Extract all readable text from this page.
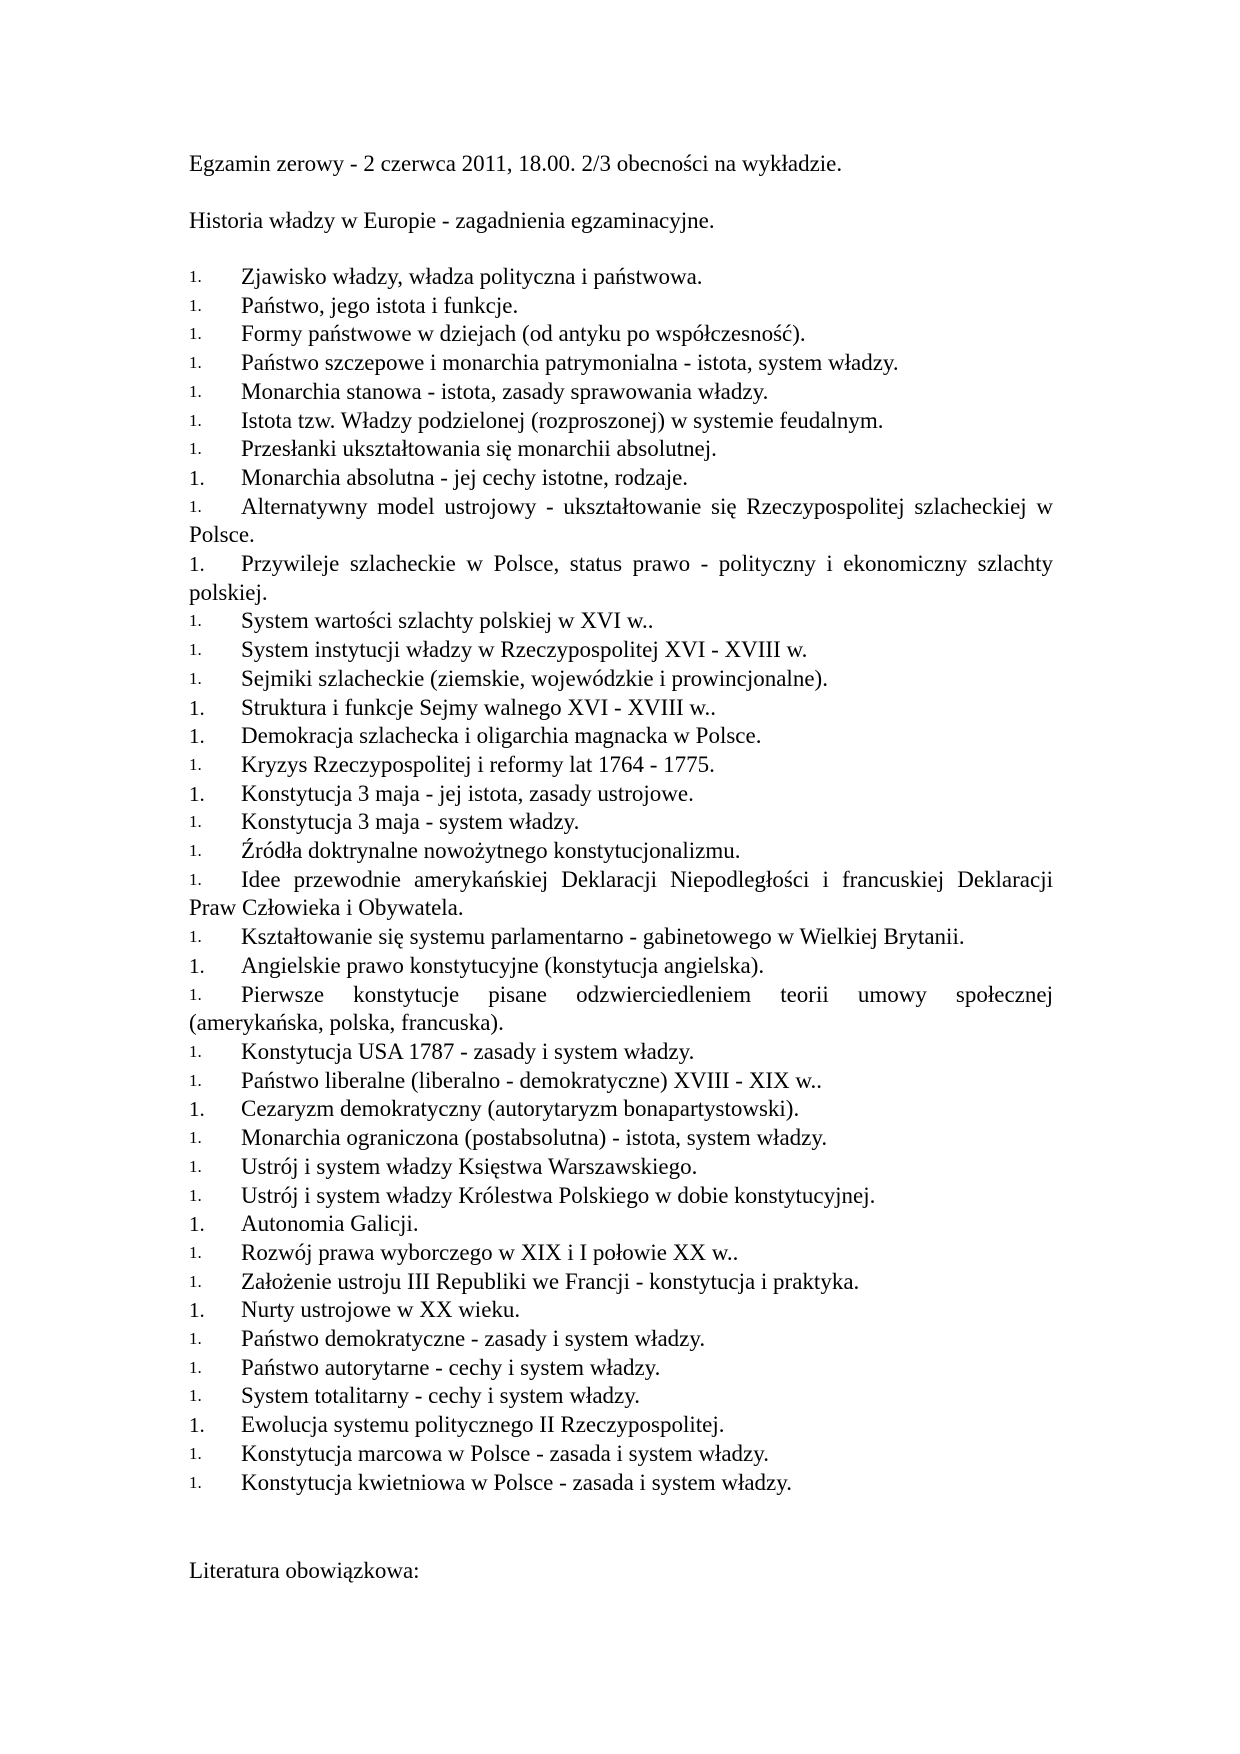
Egzamin zerowy - 2 czerwca 2011, 18.00. 2/3 obecności na wykładzie.

Historia władzy w Europie - zagadnienia egzaminacyjne.

1. Zjawisko władzy, władza polityczna i państwowa.
1. Państwo, jego istota i funkcje.
1. Formy państwowe w dziejach (od antyku po współczesność).
1. Państwo szczepowe i monarchia patrymonialna - istota, system władzy.
1. Monarchia stanowa - istota, zasady sprawowania władzy.
1. Istota tzw. Władzy podzielonej (rozproszonej) w systemie feudalnym.
1. Przesłanki ukształtowania się monarchii absolutnej.
1. Monarchia absolutna - jej cechy istotne, rodzaje.
1. Alternatywny model ustrojowy - ukształtowanie się Rzeczypospolitej szlacheckiej w Polsce.
1. Przywileje szlacheckie w Polsce, status prawo - polityczny i ekonomiczny szlachty polskiej.
1. System wartości szlachty polskiej w XVI w..
1. System instytucji władzy w Rzeczypospolitej XVI - XVIII w.
1. Sejmiki szlacheckie (ziemskie, wojewódzkie i prowincjonalne).
1. Struktura i funkcje Sejmy walnego XVI - XVIII w..
1. Demokracja szlachecka i oligarchia magnacka w Polsce.
1. Kryzys Rzeczypospolitej i reformy lat 1764 - 1775.
1. Konstytucja 3 maja - jej istota, zasady ustrojowe.
1. Konstytucja 3 maja - system władzy.
1. Źródła doktrynalne nowożytnego konstytucjonalizmu.
1. Idee przewodnie amerykańskiej Deklaracji Niepodległości i francuskiej Deklaracji Praw Człowieka i Obywatela.
1. Kształtowanie się systemu parlamentarno - gabinetowego w Wielkiej Brytanii.
1. Angielskie prawo konstytucyjne (konstytucja angielska).
1. Pierwsze konstytucje pisane odzwierciedleniem teorii umowy społecznej (amerykańska, polska, francuska).
1. Konstytucja USA 1787 - zasady i system władzy.
1. Państwo liberalne (liberalno - demokratyczne) XVIII - XIX w..
1. Cezaryzm demokratyczny (autorytaryzm bonapartystowski).
1. Monarchia ograniczona (postabsolutna) - istota, system władzy.
1. Ustrój i system władzy Księstwa Warszawskiego.
1. Ustrój i system władzy Królestwa Polskiego w dobie konstytucyjnej.
1. Autonomia Galicji.
1. Rozwój prawa wyborczego w XIX i I połowie XX w..
1. Założenie ustroju III Republiki we Francji - konstytucja i praktyka.
1. Nurty ustrojowe w XX wieku.
1. Państwo demokratyczne - zasady i system władzy.
1. Państwo autorytarne - cechy i system władzy.
1. System totalitarny - cechy i system władzy.
1. Ewolucja systemu politycznego II Rzeczypospolitej.
1. Konstytucja marcowa w Polsce - zasada i system władzy.
1. Konstytucja kwietniowa w Polsce - zasada i system władzy.

Literatura obowiązkowa:
